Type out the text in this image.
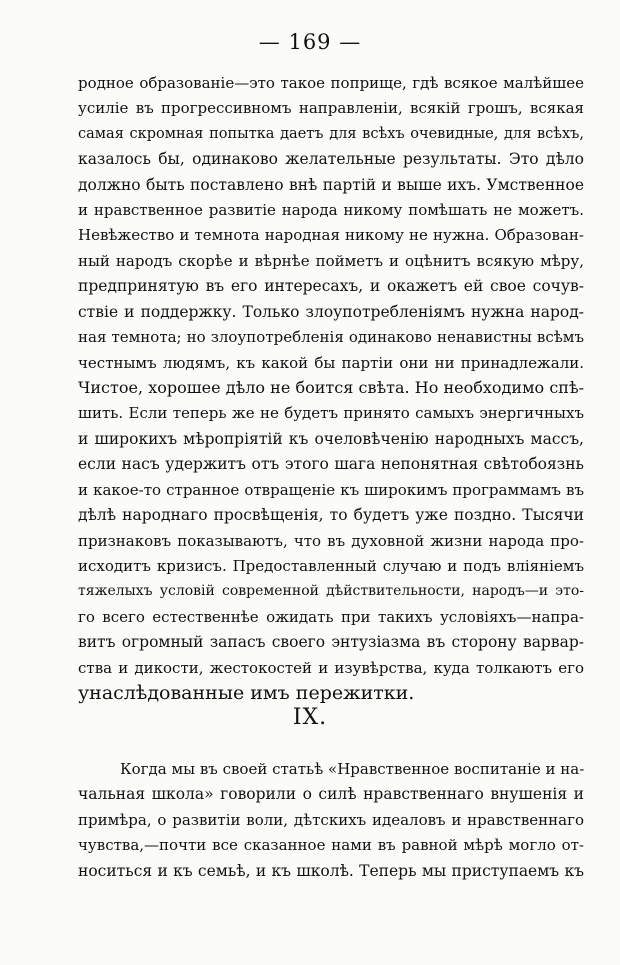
— 169 —
родное образованіе—это такое поприще, гдѣ всякое малѣйшее
усиліе въ прогрессивномъ направленіи, всякій грошъ, всякая
самая скромная попытка даетъ для всѣхъ очевидные, для всѣхъ,
казалось бы, одинаково желательные результаты. Это дѣло
должно быть поставлено внѣ партій и выше ихъ. Умственное
и нравственное развитіе народа никому помѣшать не можетъ.
Невѣжество и темнота народная никому не нужна. Образован-
ный народъ скорѣе и вѣрнѣе пойметъ и оцѣнитъ всякую мѣру,
предпринятую въ его интересахъ, и окажетъ ей свое сочув-
ствіе и поддержку. Только злоупотребленіямъ нужна народ-
ная темнота; но злоупотребленія одинаково ненавистны всѣмъ
честнымъ людямъ, къ какой бы партіи они ни принадлежали.
Чистое, хорошее дѣло не боится свѣта. Но необходимо спѣ-
шить. Если теперь же не будетъ принято самыхъ энергичныхъ
и широкихъ мѣропріятій къ очеловѣченію народныхъ массъ,
если насъ удержитъ отъ этого шага непонятная свѣтобоязнь
и какое-то странное отвращеніе къ широкимъ программамъ въ
дѣлѣ народнаго просвѣщенія, то будетъ уже поздно. Тысячи
признаковъ показываютъ, что въ духовной жизни народа про-
исходитъ кризисъ. Предоставленный случаю и подъ вліяніемъ
тяжелыхъ условій современной дѣйствительности, народъ—и это-
го всего естественнѣе ожидать при такихъ условіяхъ—напра-
витъ огромный запасъ своего энтузіазма въ сторону варвар-
ства и дикости, жестокостей и изувѣрства, куда толкаютъ его
унаслѣдованные имъ пережитки.
IX.
Когда мы въ своей статьѣ «Нравственное воспитаніе и на-
чальная школа» говорили о силѣ нравственнаго внушенія и
примѣра, о развитіи воли, дѣтскихъ идеаловъ и нравственнаго
чувства,—почти все сказанное нами въ равной мѣрѣ могло от-
носиться и къ семьѣ, и къ школѣ. Теперь мы приступаемъ къ
